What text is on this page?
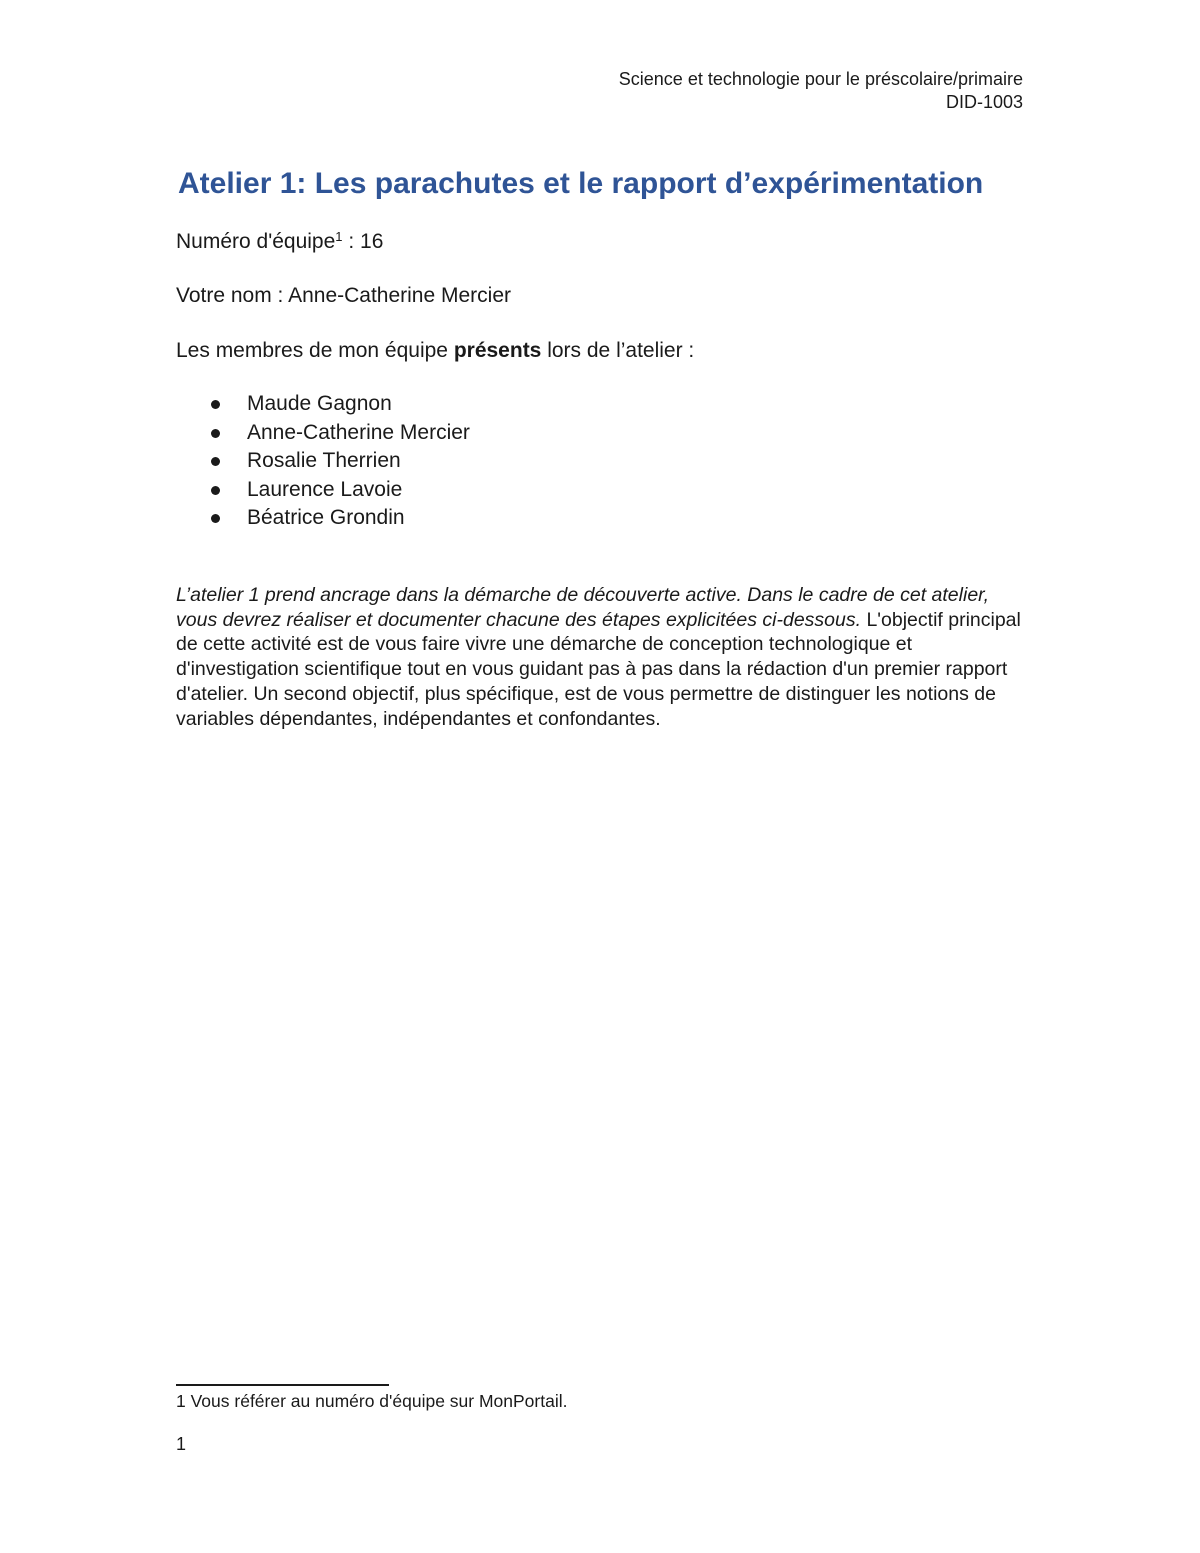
Science et technologie pour le préscolaire/primaire
DID-1003
Atelier 1: Les parachutes et le rapport d’expérimentation

Numéro d'équipe$^1$ : 16

Votre nom : Anne-Catherine Mercier

Les membres de mon équipe présents lors de l’atelier :

Maude Gagnon
Anne-Catherine Mercier
Rosalie Therrien
Laurence Lavoie
Béatrice Grondin

L’atelier 1 prend ancrage dans la démarche de découverte active. Dans le cadre de cet atelier, vous devrez réaliser et documenter chacune des étapes explicitées ci-dessous. L'objectif principal de cette activité est de vous faire vivre une démarche de conception technologique et d'investigation scientifique tout en vous guidant pas à pas dans la rédaction d'un premier rapport d'atelier. Un second objectif, plus spécifique, est de vous permettre de distinguer les notions de variables dépendantes, indépendantes et confondantes.

1 Vous référer au numéro d'équipe sur MonPortail.

1
